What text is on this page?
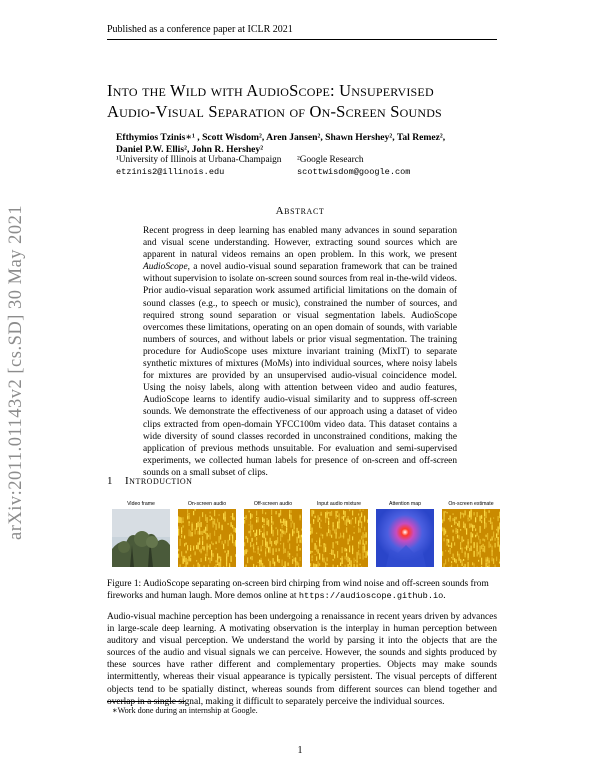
Published as a conference paper at ICLR 2021
Into the Wild with AudioScope: Unsupervised
Audio-Visual Separation of On-Screen Sounds
Efthymios Tzinis∗¹ , Scott Wisdom², Aren Jansen², Shawn Hershey², Tal Remez²,
Daniel P.W. Ellis², John R. Hershey²
¹University of Illinois at Urbana-Champaign ²Google Research
etzinis2@illinois.edu	scottwisdom@google.com
Abstract

Recent progress in deep learning has enabled many advances in sound separation and visual scene understanding. However, extracting sound sources which are apparent in natural videos remains an open problem. In this work, we present AudioScope, a novel audio-visual sound separation framework that can be trained without supervision to isolate on-screen sound sources from real in-the-wild videos. Prior audio-visual separation work assumed artificial limitations on the domain of sound classes (e.g., to speech or music), constrained the number of sources, and required strong sound separation or visual segmentation labels. AudioScope overcomes these limitations, operating on an open domain of sounds, with variable numbers of sources, and without labels or prior visual segmentation. The training procedure for AudioScope uses mixture invariant training (MixIT) to separate synthetic mixtures of mixtures (MoMs) into individual sources, where noisy labels for mixtures are provided by an unsupervised audio-visual coincidence model. Using the noisy labels, along with attention between video and audio features, AudioScope learns to identify audio-visual similarity and to suppress off-screen sounds. We demonstrate the effectiveness of our approach using a dataset of video clips extracted from open-domain YFCC100m video data. This dataset contains a wide diversity of sound classes recorded in unconstrained conditions, making the application of previous methods unsuitable. For evaluation and semi-supervised experiments, we collected human labels for presence of on-screen and off-screen sounds on a small subset of clips.

arXiv:2011.01143v2 [cs.SD] 30 May 2021	1 Introduction
Video frame	On-screen audio	Off-screen audio	Input audio mixture	Attention map	On-screen estimate
Figure 1: AudioScope separating on-screen bird chirping from wind noise and off-screen sounds from fireworks and human laugh. More demos online at https://audioscope.github.io.

Audio-visual machine perception has been undergoing a renaissance in recent years driven by advances in large-scale deep learning. A motivating observation is the interplay in human perception between auditory and visual perception. We understand the world by parsing it into the objects that are the sources of the audio and visual signals we can perceive. However, the sounds and sights produced by these sources have rather different and complementary properties. Objects may make sounds intermittently, whereas their visual appearance is typically persistent. The visual percepts of different objects tend to be spatially distinct, whereas sounds from different sources can blend together and overlap in a single signal, making it difficult to separately perceive the individual sources.

∗Work done during an internship at Google.
1
